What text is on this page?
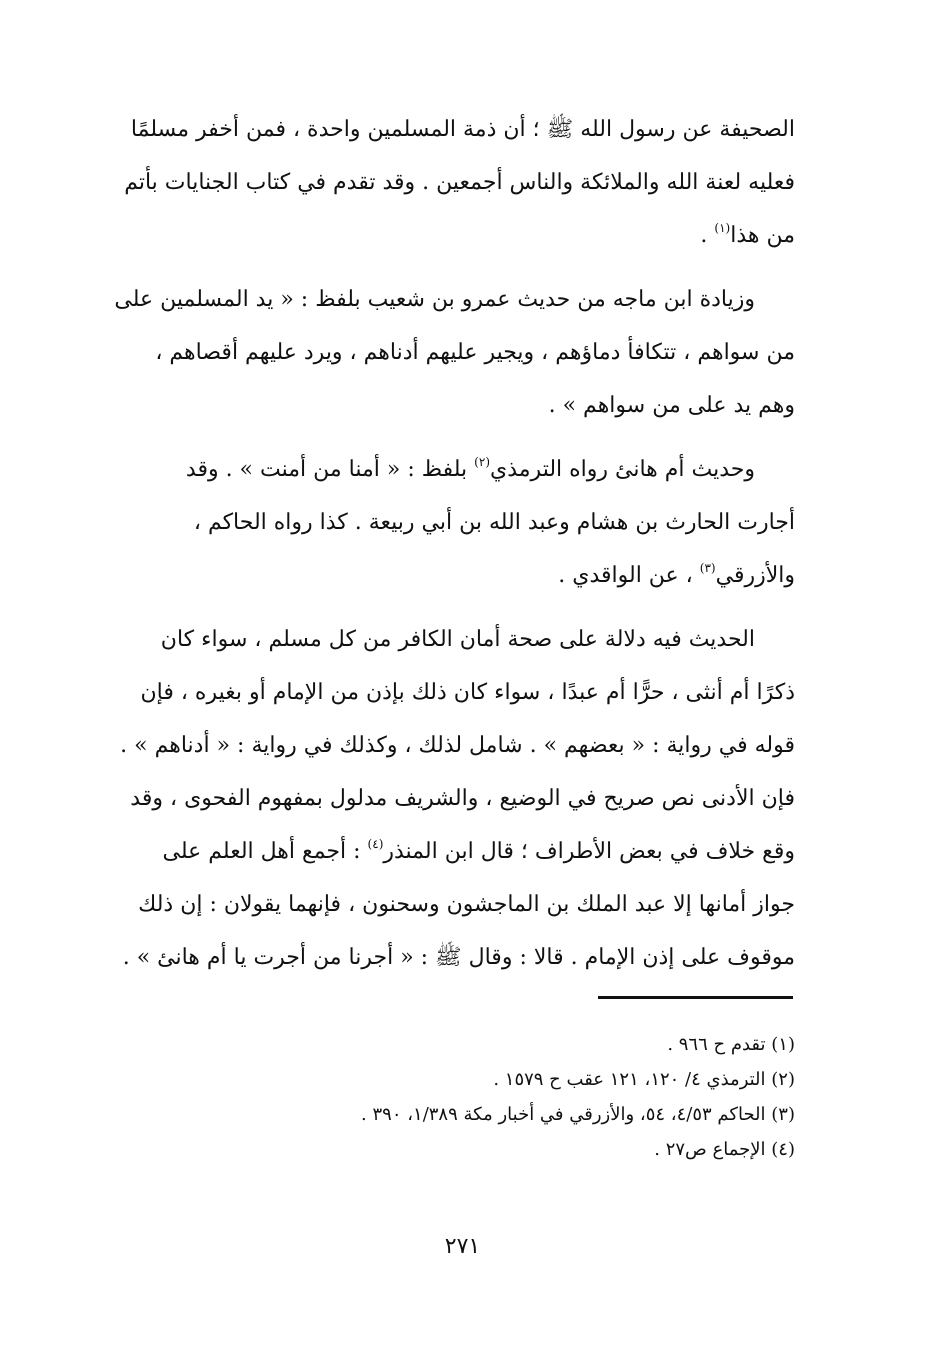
الصحيفة عن رسول الله ﷺ ؛ أن ذمة المسلمين واحدة ، فمن أخفر مسلمًا
فعليه لعنة الله والملائكة والناس أجمعين . وقد تقدم في كتاب الجنايات بأتم
من هذا$^{(١)}$ .

وزيادة ابن ماجه من حديث عمرو بن شعيب بلفظ : « يد المسلمين على
من سواهم ، تتكافأ دماؤهم ، ويجير عليهم أدناهم ، ويرد عليهم أقصاهم ،
وهم يد على من سواهم » .

وحديث أم هانئ رواه الترمذي$^{(٢)}$ بلفظ : « أمنا من أمنت » . وقد
أجارت الحارث بن هشام وعبد الله بن أبي ربيعة . كذا رواه الحاكم ،
والأزرقي$^{(٣)}$ ، عن الواقدي .

الحديث فيه دلالة على صحة أمان الكافر من كل مسلم ، سواء كان
ذكرًا أم أنثى ، حرًّا أم عبدًا ، سواء كان ذلك بإذن من الإمام أو بغيره ، فإن
قوله في رواية : « بعضهم » . شامل لذلك ، وكذلك في رواية : « أدناهم » .
فإن الأدنى نص صريح في الوضيع ، والشريف مدلول بمفهوم الفحوى ، وقد
وقع خلاف في بعض الأطراف ؛ قال ابن المنذر$^{(٤)}$ : أجمع أهل العلم على
جواز أمانها إلا عبد الملك بن الماجشون وسحنون ، فإنهما يقولان : إن ذلك
موقوف على إذن الإمام . قالا : وقال ﷺ : « أجرنا من أجرت يا أم هانئ » .

(١) تقدم ح ٩٦٦ .
(٢) الترمذي ٤/ ١٢٠، ١٢١ عقب ح ١٥٧٩ .
(٣) الحاكم ٤/٥٣، ٥٤، والأزرقي في أخبار مكة ١/٣٨٩، ٣٩٠ .
(٤) الإجماع ص٢٧ .
٢٧١
